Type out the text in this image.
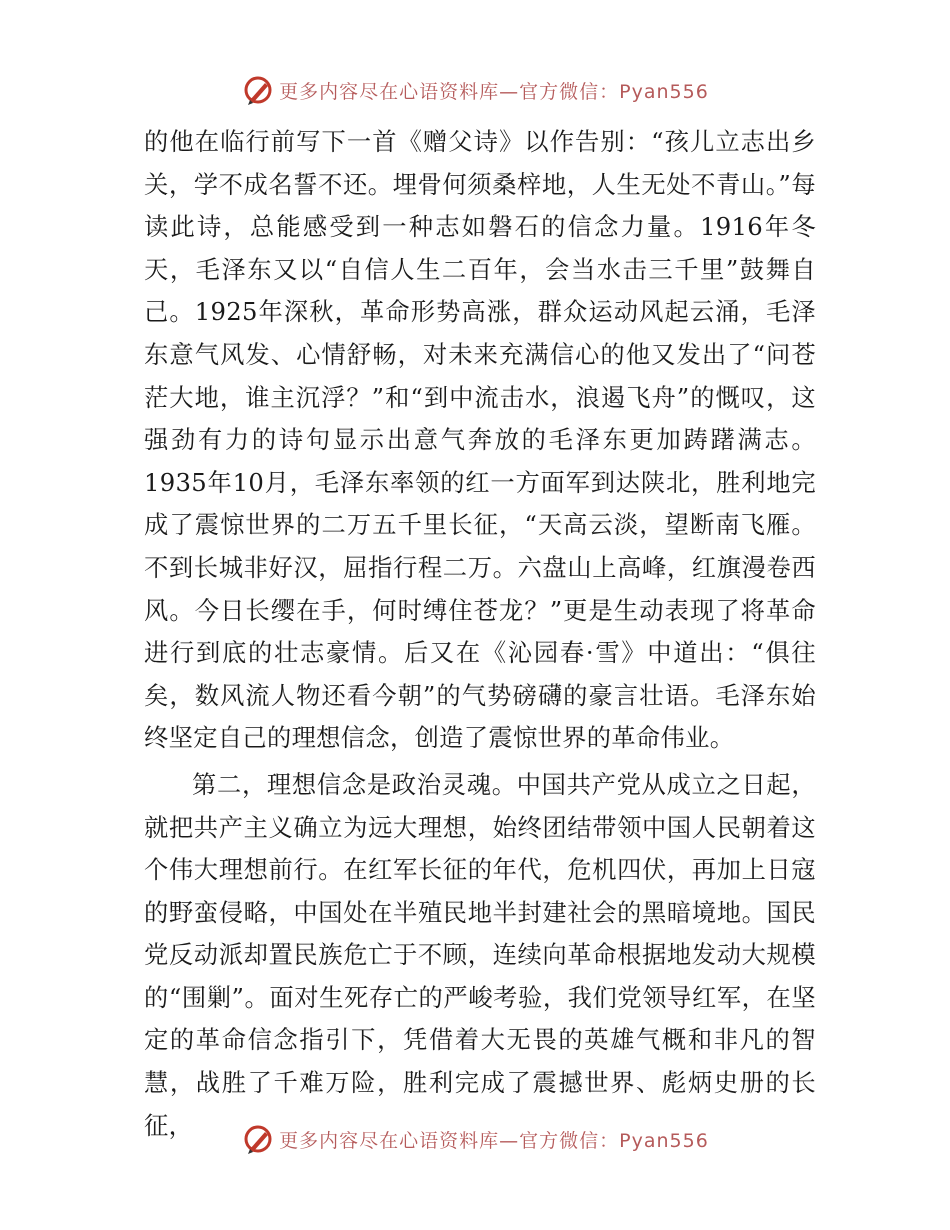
更多内容尽在心语资料库—官方微信：Pyan556

的他在临行前写下一首《赠父诗》以作告别：“孩儿立志出乡关，学不成名誓不还。埋骨何须桑梓地，人生无处不青山。”每读此诗，总能感受到一种志如磐石的信念力量。1916年冬天，毛泽东又以“自信人生二百年，会当水击三千里”鼓舞自己。1925年深秋，革命形势高涨，群众运动风起云涌，毛泽东意气风发、心情舒畅，对未来充满信心的他又发出了“问苍茫大地，谁主沉浮？”和“到中流击水，浪遏飞舟”的慨叹，这强劲有力的诗句显示出意气奔放的毛泽东更加踌躇满志。1935年10月，毛泽东率领的红一方面军到达陕北，胜利地完成了震惊世界的二万五千里长征，“天高云淡，望断南飞雁。不到长城非好汉，屈指行程二万。六盘山上高峰，红旗漫卷西风。今日长缨在手，何时缚住苍龙？”更是生动表现了将革命进行到底的壮志豪情。后又在《沁园春·雪》中道出：“俱往矣，数风流人物还看今朝”的气势磅礴的豪言壮语。毛泽东始终坚定自己的理想信念，创造了震惊世界的革命伟业。

第二，理想信念是政治灵魂。中国共产党从成立之日起，就把共产主义确立为远大理想，始终团结带领中国人民朝着这个伟大理想前行。在红军长征的年代，危机四伏，再加上日寇的野蛮侵略，中国处在半殖民地半封建社会的黑暗境地。国民党反动派却置民族危亡于不顾，连续向革命根据地发动大规模的“围剿”。面对生死存亡的严峻考验，我们党领导红军，在坚定的革命信念指引下，凭借着大无畏的英雄气概和非凡的智慧，战胜了千难万险，胜利完成了震撼世界、彪炳史册的长征，

更多内容尽在心语资料库—官方微信：Pyan556
